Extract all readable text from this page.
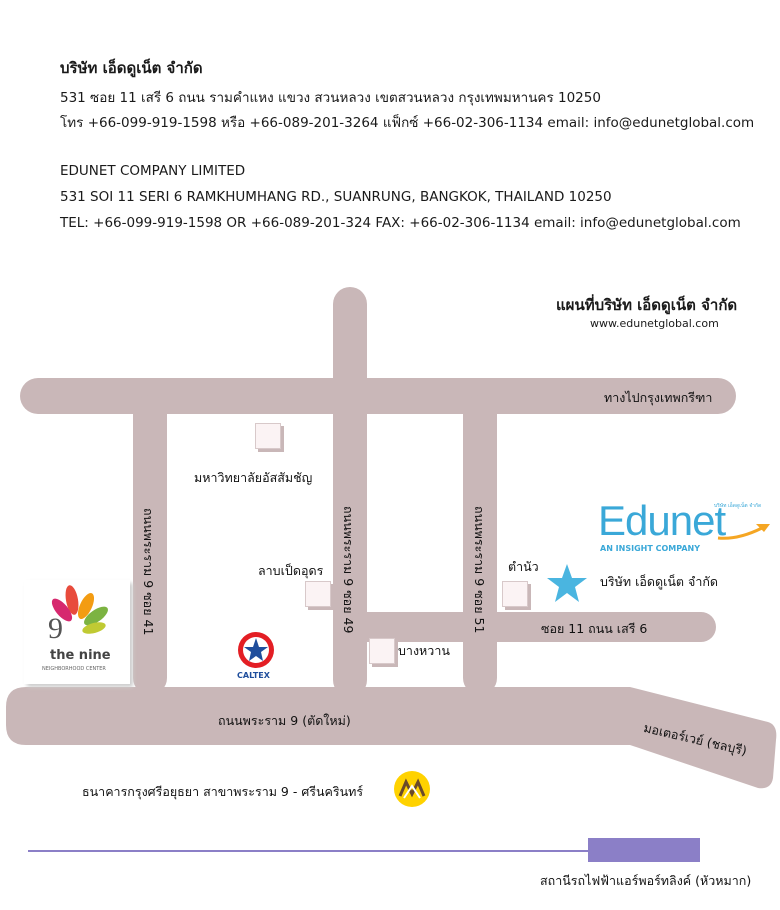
บริษัท เอ็ดดูเน็ต จำกัด
531 ซอย 11 เสรี 6 ถนน รามคำแหง แขวง สวนหลวง เขตสวนหลวง กรุงเทพมหานคร 10250
โทร +66-099-919-1598 หรือ +66-089-201-3264 แฟ็กซ์ +66-02-306-1134 email: info@edunetglobal.com
EDUNET COMPANY LIMITED
531 SOI 11 SERI 6 RAMKHUMHANG RD., SUANRUNG, BANGKOK, THAILAND 10250
TEL: +66-099-919-1598 OR +66-089-201-324 FAX: +66-02-306-1134 email: info@edunetglobal.com
แผนที่บริษัท เอ็ดดูเน็ต จำกัด
www.edunetglobal.com
ทางไปกรุงเทพกรีฑา
มหาวิทยาลัยอัสสัมชัญ
ถนนพระราม 9 ซอย 41	ถนนพระราม 9 ซอย 49	ถนนพระราม 9 ซอย 51
ลาบเป็ดอุดร	ตำนัว
บริษัท เอ็ดดูเน็ต จำกัด
ซอย 11 ถนน เสรี 6
บางหวาน
ถนนพระราม 9 (ตัดใหม่)	มอเตอร์เวย์ (ชลบุรี)
ธนาคารกรุงศรีอยุธยา สาขาพระราม 9 - ศรีนครินทร์
สถานีรถไฟฟ้าแอร์พอร์ทลิงค์ (หัวหมาก)
Edunet
AN INSIGHT COMPANY
บริษัท เอ็ดดูเน็ต จำกัด
9
the nine
NEIGHBORHOOD CENTER
CALTEX
